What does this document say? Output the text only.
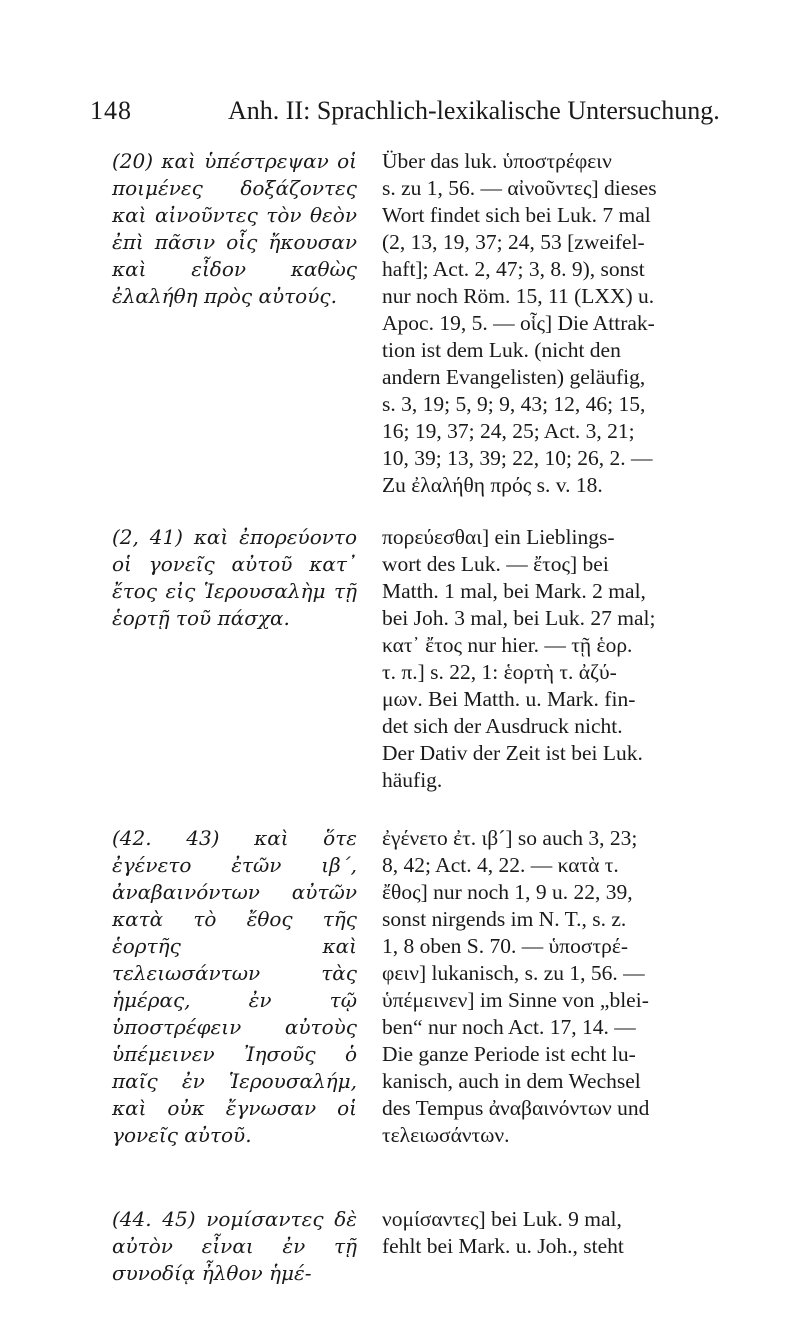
148	Anh. II: Sprachlich-lexikalische Untersuchung.

(20) καὶ ὑπέστρεψαν οἱ ποιμένες δοξάζοντες καὶ αἰνοῦντες τὸν θεὸν ἐπὶ πᾶσιν οἷς ἤκουσαν καὶ εἶδον καθὼς ἐλαλήθη πρὸς αὐτούς.

Über das luk. ὑποστρέφειν
s. zu 1, 56. — αἰνοῦντες] dieses
Wort findet sich bei Luk. 7 mal
(2, 13, 19, 37; 24, 53 [zweifel-
haft]; Act. 2, 47; 3, 8. 9), sonst
nur noch Röm. 15, 11 (LXX) u.
Apoc. 19, 5. — οἷς] Die Attrak-
tion ist dem Luk. (nicht den
andern Evangelisten) geläufig,
s. 3, 19; 5, 9; 9, 43; 12, 46; 15,
16; 19, 37; 24, 25; Act. 3, 21;
10, 39; 13, 39; 22, 10; 26, 2. —
Zu ἐλαλήθη πρός s. v. 18.

(2, 41) καὶ ἐπορεύοντο οἱ γονεῖς αὐτοῦ κατ᾿ ἔτος εἰς Ἱερουσαλὴμ τῇ ἑορτῇ τοῦ πάσχα.

πορεύεσθαι] ein Lieblings-
wort des Luk. — ἔτος] bei
Matth. 1 mal, bei Mark. 2 mal,
bei Joh. 3 mal, bei Luk. 27 mal;
κατ᾿ ἔτος nur hier. — τῇ ἑορ.
τ. π.] s. 22, 1: ἑορτὴ τ. ἀζύ-
μων. Bei Matth. u. Mark. fin-
det sich der Ausdruck nicht.
Der Dativ der Zeit ist bei Luk.
häufig.

(42. 43) καὶ ὅτε ἐγένετο ἐτῶν ιβ´, ἀναβαινόντων αὐτῶν κατὰ τὸ ἔθος τῆς ἑορτῆς καὶ τελειωσάντων τὰς ἡμέρας, ἐν τῷ ὑποστρέφειν αὐτοὺς ὑπέμεινεν Ἰησοῦς ὁ παῖς ἐν Ἱερουσαλήμ, καὶ οὐκ ἔγνωσαν οἱ γονεῖς αὐτοῦ.

ἐγένετο ἐτ. ιβ´] so auch 3, 23;
8, 42; Act. 4, 22. — κατὰ τ.
ἔθος] nur noch 1, 9 u. 22, 39,
sonst nirgends im N. T., s. z.
1, 8 oben S. 70. — ὑποστρέ-
φειν] lukanisch, s. zu 1, 56. —
ὑπέμεινεν] im Sinne von „blei-
ben“ nur noch Act. 17, 14. —
Die ganze Periode ist echt lu-
kanisch, auch in dem Wechsel
des Tempus ἀναβαινόντων und
τελειωσάντων.

(44. 45) νομίσαντες δὲ αὐτὸν εἶναι ἐν τῇ συνοδίᾳ ἦλθον ἡμέ-

νομίσαντες] bei Luk. 9 mal,
fehlt bei Mark. u. Joh., steht
